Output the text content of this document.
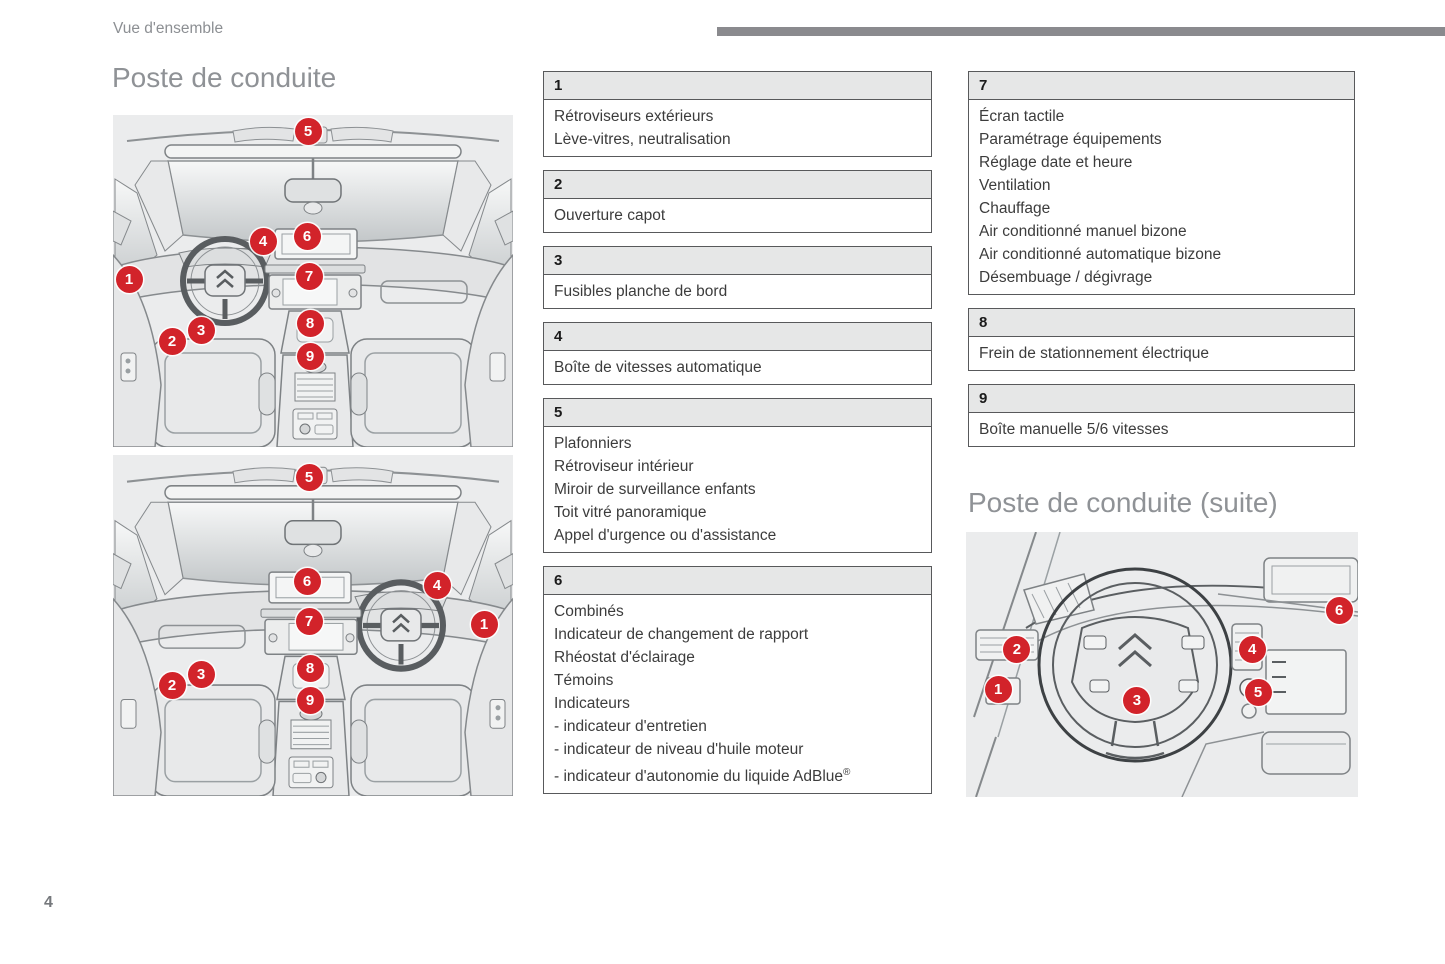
Vue d'ensemble
Poste de conduite
1
2
3
4
5
6
7
8
9
1
2
3
4
5
6
7
8
9
1
Rétroviseurs extérieurs
Lève-vitres, neutralisation
2
Ouverture capot
3
Fusibles planche de bord
4
Boîte de vitesses automatique
5
Plafonniers
Rétroviseur intérieur
Miroir de surveillance enfants
Toit vitré panoramique
Appel d'urgence ou d'assistance
6
Combinés
Indicateur de changement de rapport
Rhéostat d'éclairage
Témoins
Indicateurs
- indicateur d'entretien
- indicateur de niveau d'huile moteur
- indicateur d'autonomie du liquide AdBlue®
7
Écran tactile
Paramétrage équipements
Réglage date et heure
Ventilation
Chauffage
Air conditionné manuel bizone
Air conditionné automatique bizone
Désembuage / dégivrage
8
Frein de stationnement électrique
9
Boîte manuelle 5/6 vitesses
Poste de conduite (suite)
1
2
3
4
5
6
4
